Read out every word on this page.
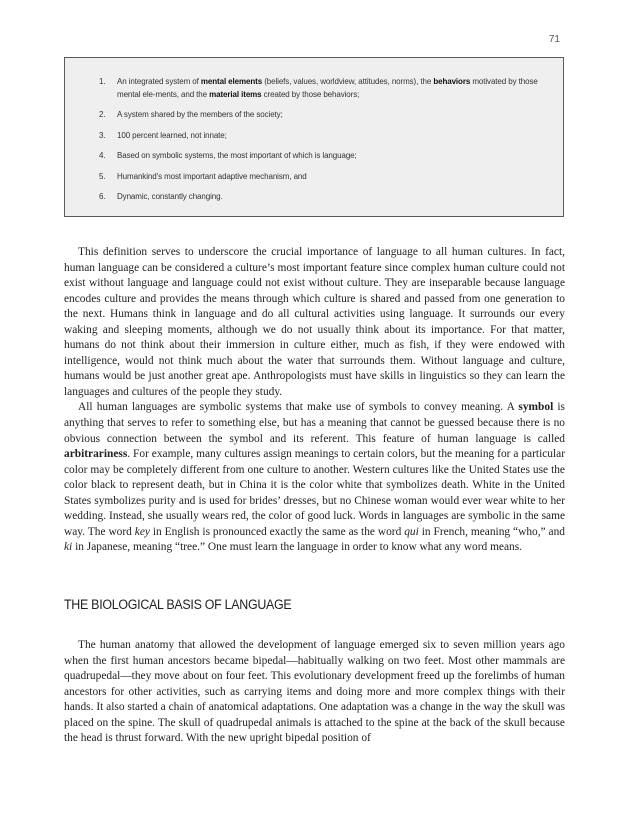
71
1. An integrated system of mental elements (beliefs, values, worldview, attitudes, norms), the behaviors motivated by those mental ele-ments, and the material items created by those behaviors;
2. A system shared by the members of the society;
3. 100 percent learned, not innate;
4. Based on symbolic systems, the most important of which is language;
5. Humankind’s most important adaptive mechanism, and
6. Dynamic, constantly changing.

This definition serves to underscore the crucial importance of language to all human cultures. In fact, human language can be considered a culture’s most important feature since complex human culture could not exist without language and language could not exist without culture. They are inseparable because language encodes culture and provides the means through which culture is shared and passed from one generation to the next. Humans think in language and do all cultural activities using language. It surrounds our every waking and sleeping moments, although we do not usually think about its importance. For that matter, humans do not think about their immersion in culture either, much as fish, if they were endowed with intelligence, would not think much about the water that surrounds them. Without language and culture, humans would be just another great ape. Anthropologists must have skills in linguistics so they can learn the languages and cultures of the people they study.

All human languages are symbolic systems that make use of symbols to convey meaning. A symbol is anything that serves to refer to something else, but has a meaning that cannot be guessed because there is no obvious connection between the symbol and its referent. This feature of human language is called arbitrariness. For example, many cultures assign meanings to certain colors, but the meaning for a particular color may be completely different from one culture to another. Western cultures like the United States use the color black to represent death, but in China it is the color white that symbolizes death. White in the United States symbolizes purity and is used for brides’ dresses, but no Chinese woman would ever wear white to her wedding. Instead, she usually wears red, the color of good luck. Words in languages are symbolic in the same way. The word key in English is pronounced exactly the same as the word qui in French, meaning “who,” and ki in Japanese, meaning “tree.” One must learn the language in order to know what any word means.

THE BIOLOGICAL BASIS OF LANGUAGE

The human anatomy that allowed the development of language emerged six to seven million years ago when the first human ancestors became bipedal—habitually walking on two feet. Most other mammals are quadrupedal—they move about on four feet. This evolutionary development freed up the forelimbs of human ancestors for other activities, such as carrying items and doing more and more complex things with their hands. It also started a chain of anatomical adaptations. One adaptation was a change in the way the skull was placed on the spine. The skull of quadrupedal animals is attached to the spine at the back of the skull because the head is thrust forward. With the new upright bipedal position of
